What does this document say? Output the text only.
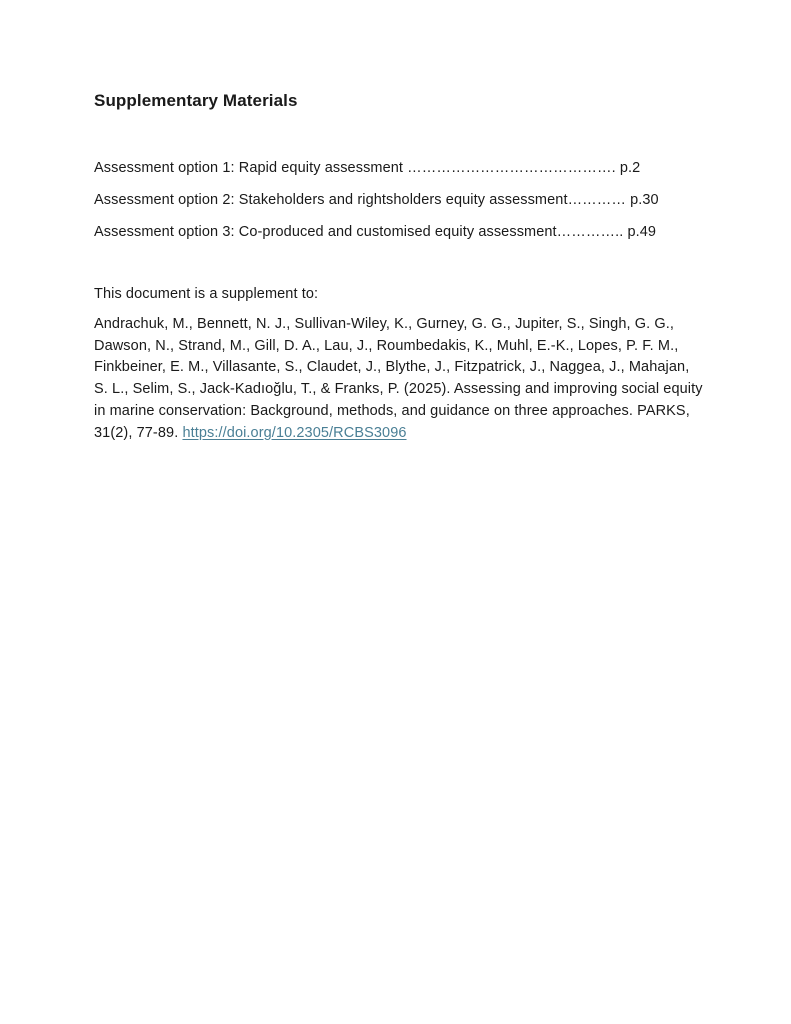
Supplementary Materials
Assessment option 1: Rapid equity assessment ……………………………………. p.2
Assessment option 2: Stakeholders and rightsholders equity assessment………… p.30
Assessment option 3: Co-produced and customised equity assessment………….. p.49

This document is a supplement to:

Andrachuk, M., Bennett, N. J., Sullivan-Wiley, K., Gurney, G. G., Jupiter, S., Singh, G. G., Dawson, N., Strand, M., Gill, D. A., Lau, J., Roumbedakis, K., Muhl, E.-K., Lopes, P. F. M., Finkbeiner, E. M., Villasante, S., Claudet, J., Blythe, J., Fitzpatrick, J., Naggea, J., Mahajan, S. L., Selim, S., Jack-Kadıoğlu, T., & Franks, P. (2025). Assessing and improving social equity in marine conservation: Background, methods, and guidance on three approaches. PARKS, 31(2), 77-89. https://doi.org/10.2305/RCBS3096
